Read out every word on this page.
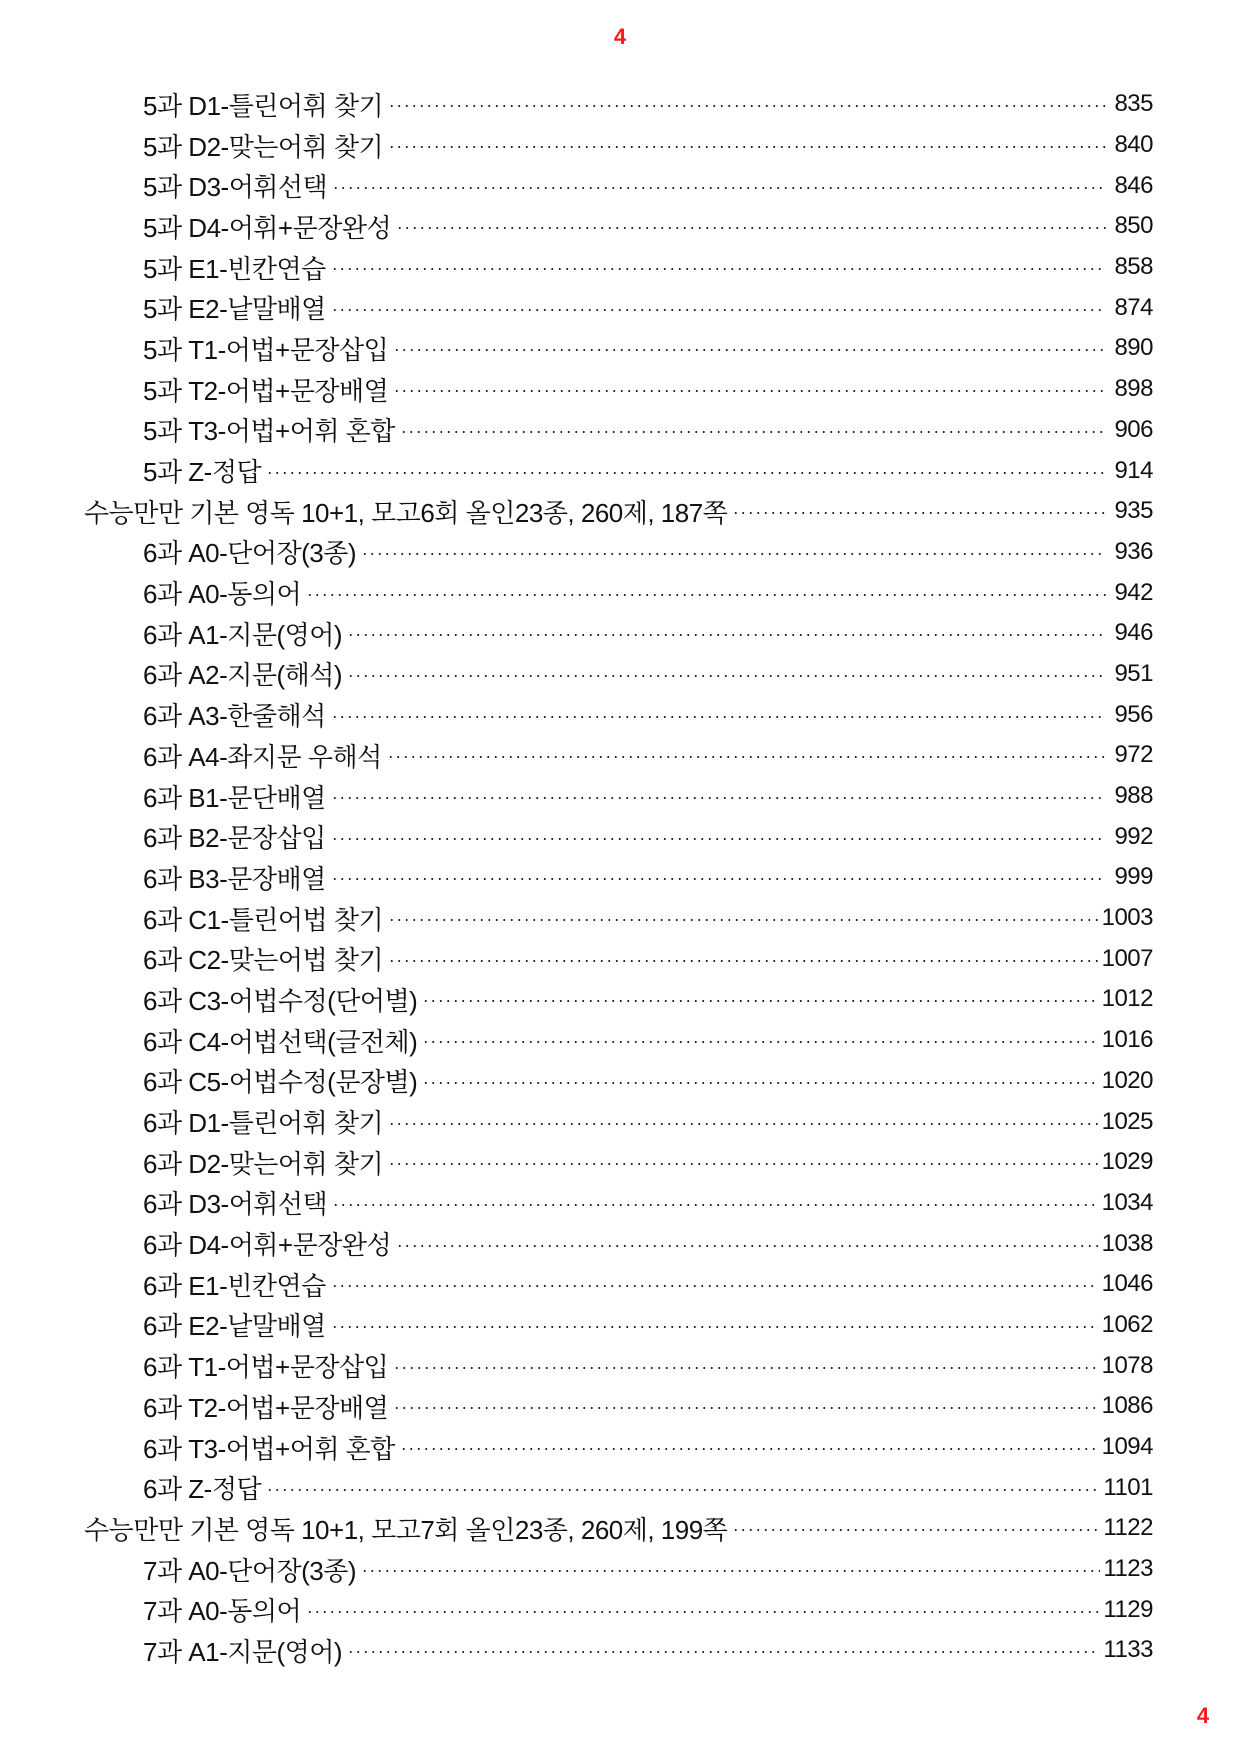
4
5과 D1-틀린어휘 찾기	835
5과 D2-맞는어휘 찾기	840
5과 D3-어휘선택	846
5과 D4-어휘+문장완성	850
5과 E1-빈칸연습	858
5과 E2-낱말배열	874
5과 T1-어법+문장삽입	890
5과 T2-어법+문장배열	898
5과 T3-어법+어휘 혼합	906
5과 Z-정답	914
수능만만 기본 영독 10+1, 모고6회 올인23종, 260제, 187쪽	935
6과 A0-단어장(3종)	936
6과 A0-동의어	942
6과 A1-지문(영어)	946
6과 A2-지문(해석)	951
6과 A3-한줄해석	956
6과 A4-좌지문 우해석	972
6과 B1-문단배열	988
6과 B2-문장삽입	992
6과 B3-문장배열	999
6과 C1-틀린어법 찾기	1003
6과 C2-맞는어법 찾기	1007
6과 C3-어법수정(단어별)	1012
6과 C4-어법선택(글전체)	1016
6과 C5-어법수정(문장별)	1020
6과 D1-틀린어휘 찾기	1025
6과 D2-맞는어휘 찾기	1029
6과 D3-어휘선택	1034
6과 D4-어휘+문장완성	1038
6과 E1-빈칸연습	1046
6과 E2-낱말배열	1062
6과 T1-어법+문장삽입	1078
6과 T2-어법+문장배열	1086
6과 T3-어법+어휘 혼합	1094
6과 Z-정답	1101
수능만만 기본 영독 10+1, 모고7회 올인23종, 260제, 199쪽	1122
7과 A0-단어장(3종)	1123
7과 A0-동의어	1129
7과 A1-지문(영어)	1133
4
